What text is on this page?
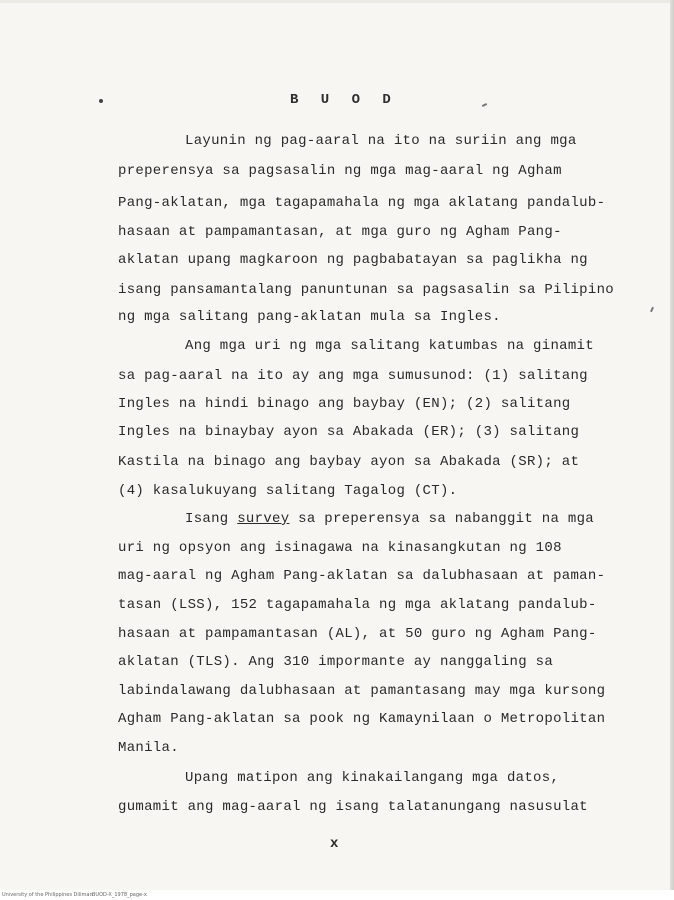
B U O D
Layunin ng pag-aaral na ito na suriin ang mga
preperensya sa pagsasalin ng mga mag-aaral ng Agham
Pang-aklatan, mga tagapamahala ng mga aklatang pandalub-
hasaan at pampamantasan, at mga guro ng Agham Pang-
aklatan upang magkaroon ng pagbabatayan sa paglikha ng
isang pansamantalang panuntunan sa pagsasalin sa Pilipino
ng mga salitang pang-aklatan mula sa Ingles.
Ang mga uri ng mga salitang katumbas na ginamit
sa pag-aaral na ito ay ang mga sumusunod: (1) salitang
Ingles na hindi binago ang baybay (EN); (2) salitang
Ingles na binaybay ayon sa Abakada (ER); (3) salitang
Kastila na binago ang baybay ayon sa Abakada (SR); at
(4) kasalukuyang salitang Tagalog (CT).
Isang survey sa preperensya sa nabanggit na mga
uri ng opsyon ang isinagawa na kinasangkutan ng 108
mag-aaral ng Agham Pang-aklatan sa dalubhasaan at paman-
tasan (LSS), 152 tagapamahala ng mga aklatang pandalub-
hasaan at pampamantasan (AL), at 50 guro ng Agham Pang-
aklatan (TLS). Ang 310 impormante ay nanggaling sa
labindalawang dalubhasaan at pamantasang may mga kursong
Agham Pang-aklatan sa pook ng Kamaynilaan o Metropolitan
Manila.
Upang matipon ang kinakailangang mga datos,
gumamit ang mag-aaral ng isang talatanungang nasusulat
x
University of the Philippines Diliman BUOD-X_1978_page-x
